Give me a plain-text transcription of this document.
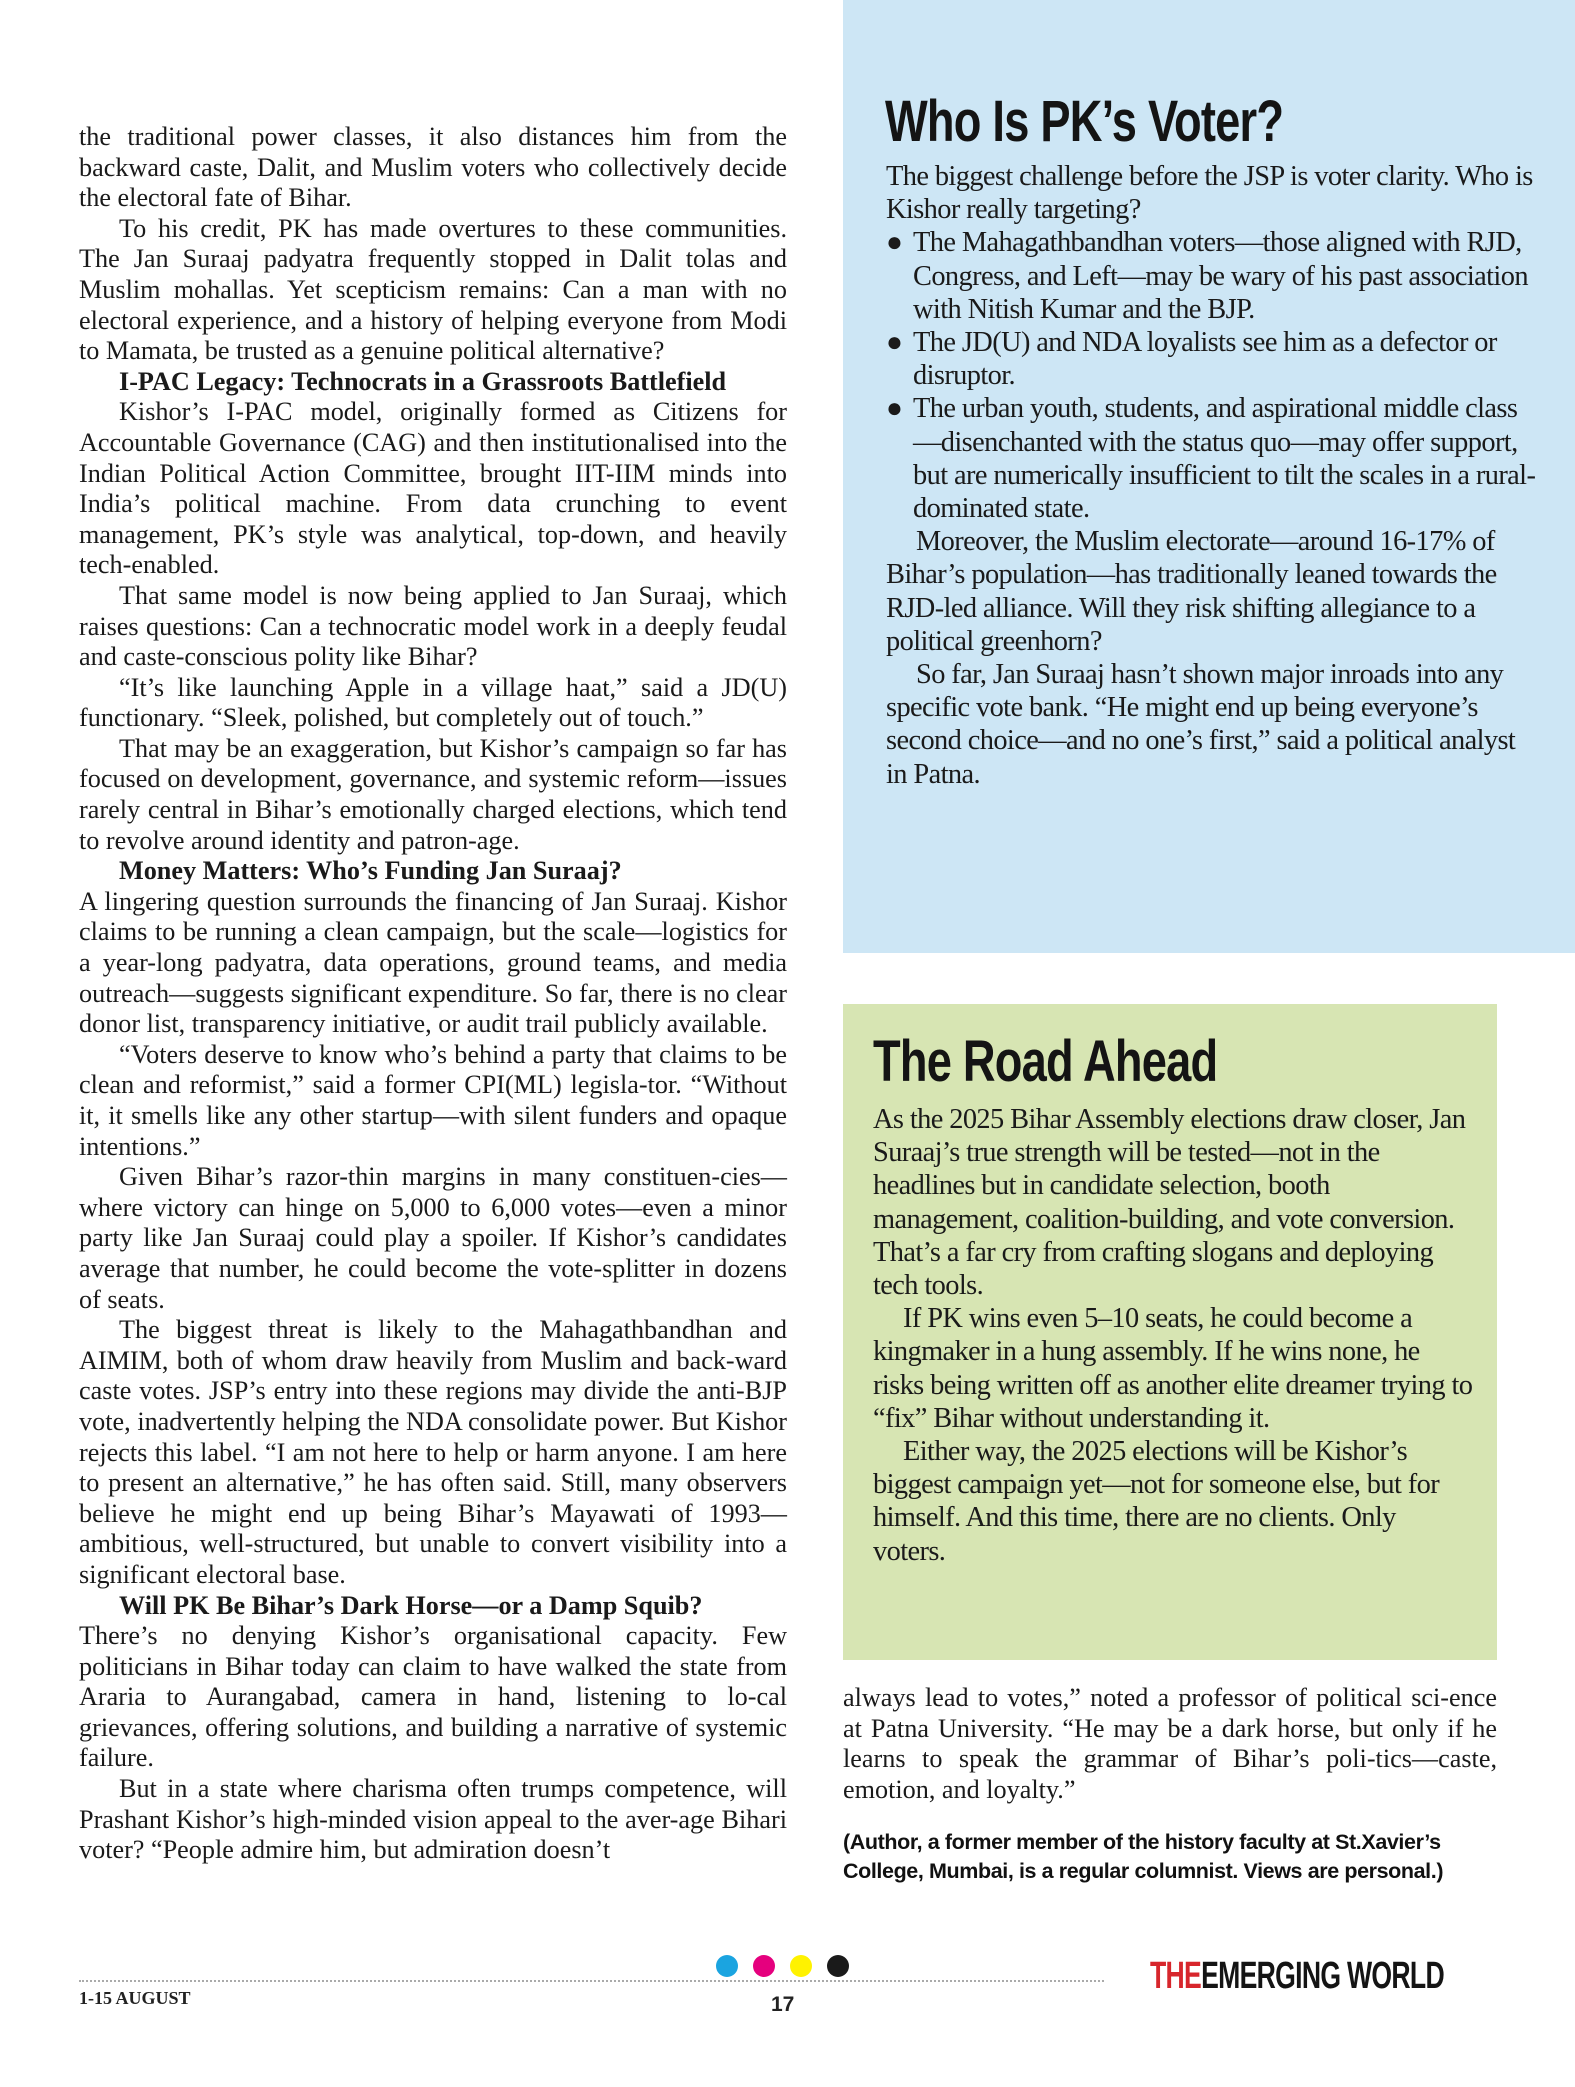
the traditional power classes, it also distances him from the backward caste, Dalit, and Muslim voters who collectively decide the electoral fate of Bihar.

To his credit, PK has made overtures to these communities. The Jan Suraaj padyatra frequently stopped in Dalit tolas and Muslim mohallas. Yet scepticism remains: Can a man with no electoral experience, and a history of helping everyone from Modi to Mamata, be trusted as a genuine political alternative?

I-PAC Legacy: Technocrats in a Grassroots Battlefield

Kishor’s I-PAC model, originally formed as Citizens for Accountable Governance (CAG) and then institutionalised into the Indian Political Action Committee, brought IIT-IIM minds into India’s political machine. From data crunching to event management, PK’s style was analytical, top-down, and heavily tech-enabled.

That same model is now being applied to Jan Suraaj, which raises questions: Can a technocratic model work in a deeply feudal and caste-conscious polity like Bihar?

“It’s like launching Apple in a village haat,” said a JD(U) functionary. “Sleek, polished, but completely out of touch.”

That may be an exaggeration, but Kishor’s campaign so far has focused on development, governance, and systemic reform—issues rarely central in Bihar’s emotionally charged elections, which tend to revolve around identity and patron-age.

Money Matters: Who’s Funding Jan Suraaj?

A lingering question surrounds the financing of Jan Suraaj. Kishor claims to be running a clean campaign, but the scale—logistics for a year-long padyatra, data operations, ground teams, and media outreach—suggests significant expenditure. So far, there is no clear donor list, transparency initiative, or audit trail publicly available.

“Voters deserve to know who’s behind a party that claims to be clean and reformist,” said a former CPI(ML) legisla-tor. “Without it, it smells like any other startup—with silent funders and opaque intentions.”

Given Bihar’s razor-thin margins in many constituen-cies—where victory can hinge on 5,000 to 6,000 votes—even a minor party like Jan Suraaj could play a spoiler. If Kishor’s candidates average that number, he could become the vote-splitter in dozens of seats.

The biggest threat is likely to the Mahagathbandhan and AIMIM, both of whom draw heavily from Muslim and back-ward caste votes. JSP’s entry into these regions may divide the anti-BJP vote, inadvertently helping the NDA consolidate power. But Kishor rejects this label. “I am not here to help or harm anyone. I am here to present an alternative,” he has often said. Still, many observers believe he might end up being Bihar’s Mayawati of 1993—ambitious, well-structured, but unable to convert visibility into a significant electoral base.

Will PK Be Bihar’s Dark Horse—or a Damp Squib?

There’s no denying Kishor’s organisational capacity. Few politicians in Bihar today can claim to have walked the state from Araria to Aurangabad, camera in hand, listening to lo-cal grievances, offering solutions, and building a narrative of systemic failure.

But in a state where charisma often trumps competence, will Prashant Kishor’s high-minded vision appeal to the aver-age Bihari voter? “People admire him, but admiration doesn’t

Who Is PK’s Voter?

The biggest challenge before the JSP is voter clarity. Who is Kishor really targeting?

● The Mahagathbandhan voters—those aligned with RJD, Congress, and Left—may be wary of his past association with Nitish Kumar and the BJP.
● The JD(U) and NDA loyalists see him as a defector or disruptor.
● The urban youth, students, and aspirational middle class—disenchanted with the status quo—may offer support, but are numerically insufficient to tilt the scales in a rural-dominated state.

Moreover, the Muslim electorate—around 16-17% of Bihar’s population—has traditionally leaned towards the RJD-led alliance. Will they risk shifting allegiance to a political greenhorn?

So far, Jan Suraaj hasn’t shown major inroads into any specific vote bank. “He might end up being everyone’s second choice—and no one’s first,” said a political analyst in Patna.

The Road Ahead

As the 2025 Bihar Assembly elections draw closer, Jan Suraaj’s true strength will be tested—not in the headlines but in candidate selection, booth management, coalition-building, and vote conversion. That’s a far cry from crafting slogans and deploying tech tools.

If PK wins even 5–10 seats, he could become a kingmaker in a hung assembly. If he wins none, he risks being written off as another elite dreamer trying to “fix” Bihar without understanding it.

Either way, the 2025 elections will be Kishor’s biggest campaign yet—not for someone else, but for himself. And this time, there are no clients. Only voters.

always lead to votes,” noted a professor of political sci-ence at Patna University. “He may be a dark horse, but only if he learns to speak the grammar of Bihar’s poli-tics—caste, emotion, and loyalty.”

(Author, a former member of the history faculty at St.Xavier’s College, Mumbai, is a regular columnist. Views are personal.)
1-15 AUGUST	17
THEEMERGING WORLD
